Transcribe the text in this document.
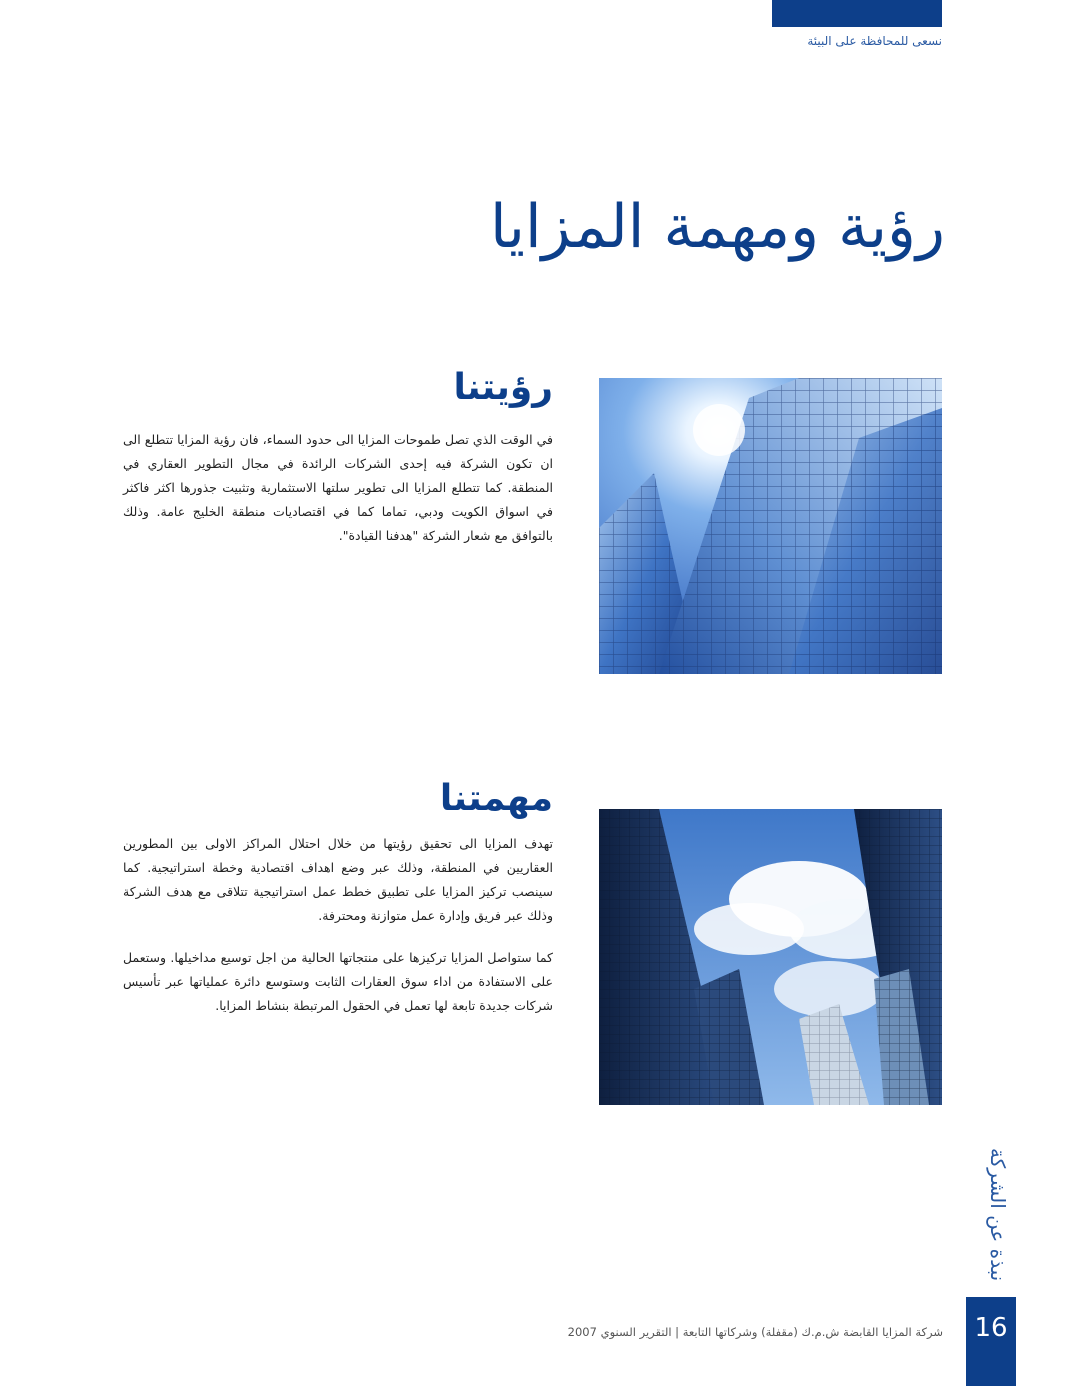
نسعى للمحافظة على البيئة
رؤية ومهمة المزايا
رؤيتنا

في الوقت الذي تصل طموحات المزايا الى حدود السماء، فان رؤية المزايا تتطلع الى ان تكون الشركة فيه إحدى الشركات الرائدة في مجال التطوير العقاري في المنطقة. كما تتطلع المزايا الى تطوير سلتها الاستثمارية وتثبيت جذورها اكثر فاكثر في اسواق الكويت ودبي، تماما كما في اقتصاديات منطقة الخليج عامة. وذلك بالتوافق مع شعار الشركة "هدفنا القيادة".

مهمتنا

تهدف المزايا الى تحقيق رؤيتها من خلال احتلال المراكز الاولى بين المطورين العقاريين في المنطقة، وذلك عبر وضع اهداف اقتصادية وخطة استراتيجية. كما سينصب تركيز المزايا على تطبيق خطط عمل استراتيجية تتلاقى مع هدف الشركة وذلك عبر فريق وإدارة عمل متوازنة ومحترفة.

كما ستواصل المزايا تركيزها على منتجاتها الحالية من اجل توسيع مداخيلها. وستعمل على الاستفادة من اداء سوق العقارات الثابت وستوسع دائرة عملياتها عبر تأسيس شركات جديدة تابعة لها تعمل في الحقول المرتبطة بنشاط المزايا.

نبذة عن الشركة
16
شركة المزايا القابضة ش.م.ك (مقفلة) وشركاتها التابعة | التقرير السنوي 2007
